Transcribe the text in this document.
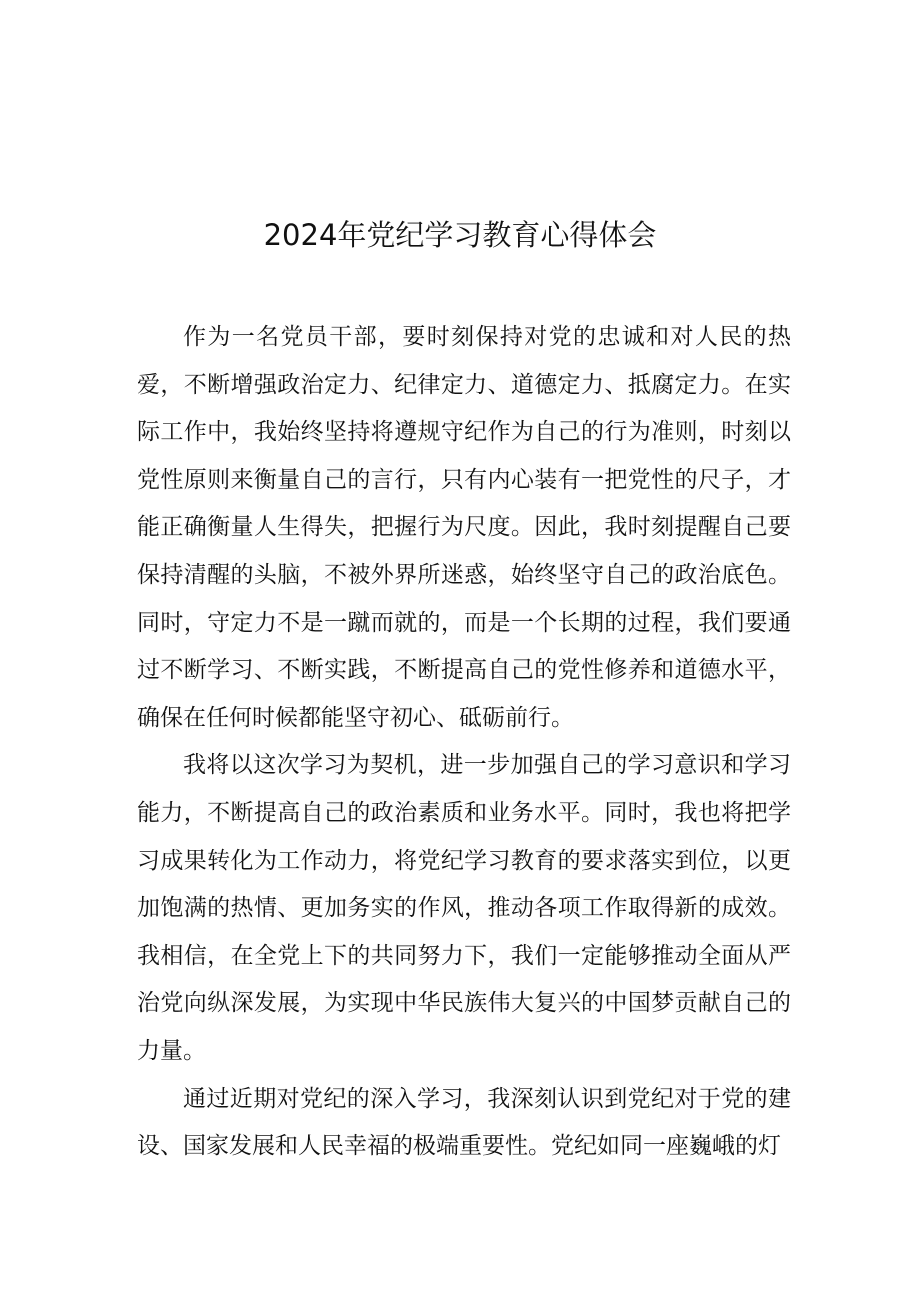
2024年党纪学习教育心得体会

作为一名党员干部，要时刻保持对党的忠诚和对人民的热爱，不断增强政治定力、纪律定力、道德定力、抵腐定力。在实际工作中，我始终坚持将遵规守纪作为自己的行为准则，时刻以党性原则来衡量自己的言行，只有内心装有一把党性的尺子，才能正确衡量人生得失，把握行为尺度。因此，我时刻提醒自己要保持清醒的头脑，不被外界所迷惑，始终坚守自己的政治底色。同时，守定力不是一蹴而就的，而是一个长期的过程，我们要通过不断学习、不断实践，不断提高自己的党性修养和道德水平，确保在任何时候都能坚守初心、砥砺前行。

我将以这次学习为契机，进一步加强自己的学习意识和学习能力，不断提高自己的政治素质和业务水平。同时，我也将把学习成果转化为工作动力，将党纪学习教育的要求落实到位，以更加饱满的热情、更加务实的作风，推动各项工作取得新的成效。我相信，在全党上下的共同努力下，我们一定能够推动全面从严治党向纵深发展，为实现中华民族伟大复兴的中国梦贡献自己的力量。

通过近期对党纪的深入学习，我深刻认识到党纪对于党的建设、国家发展和人民幸福的极端重要性。党纪如同一座巍峨的灯
